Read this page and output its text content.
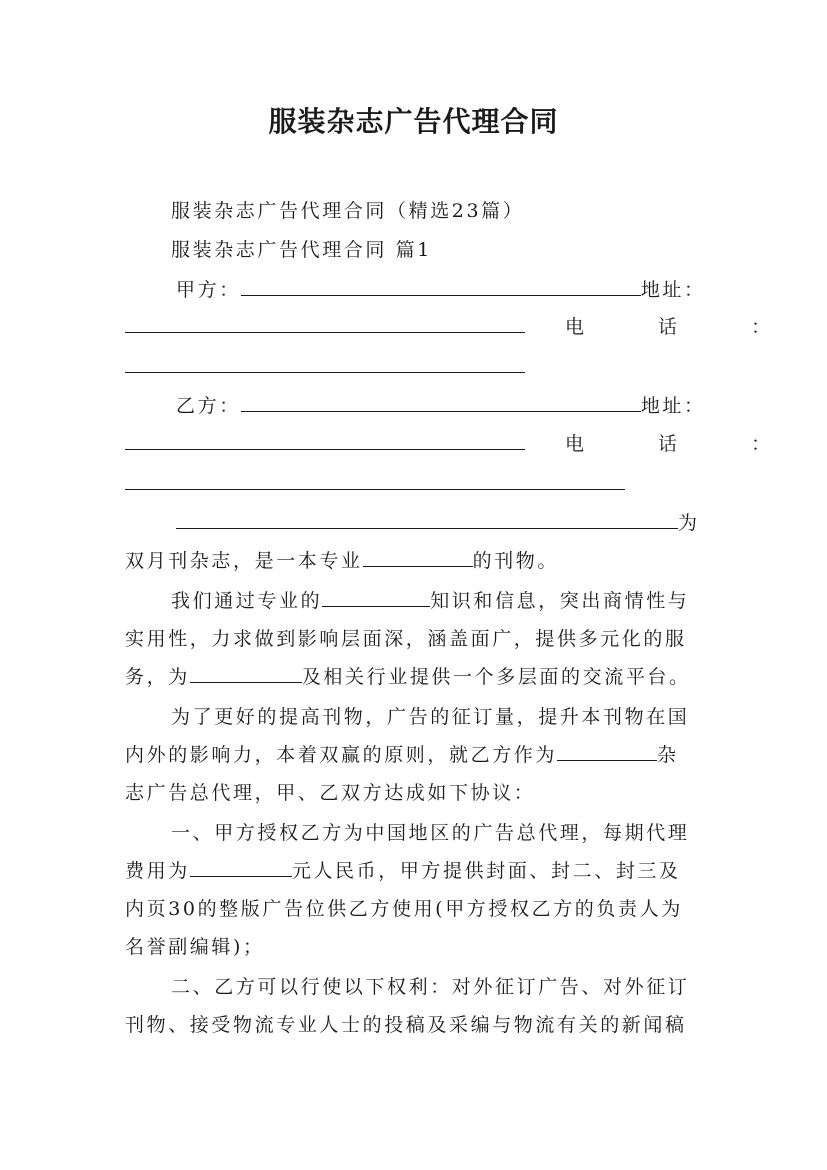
服装杂志广告代理合同
服装杂志广告代理合同（精选23篇）
服装杂志广告代理合同 篇1
甲方：	地址：
电 话 ：
乙方：	地址：
电 话 ：
为
双月刊杂志，是一本专业	的刊物。
我们通过专业的	知识和信息，突出商情性与
实用性，力求做到影响层面深，涵盖面广，提供多元化的服
务，为	及相关行业提供一个多层面的交流平台。
为了更好的提高刊物，广告的征订量，提升本刊物在国
内外的影响力，本着双赢的原则，就乙方作为	杂
志广告总代理，甲、乙双方达成如下协议：
一、甲方授权乙方为中国地区的广告总代理，每期代理
费用为	元人民币，甲方提供封面、封二、封三及
内页30的整版广告位供乙方使用(甲方授权乙方的负责人为
名誉副编辑)；
二、乙方可以行使以下权利：对外征订广告、对外征订
刊物、接受物流专业人士的投稿及采编与物流有关的新闻稿
